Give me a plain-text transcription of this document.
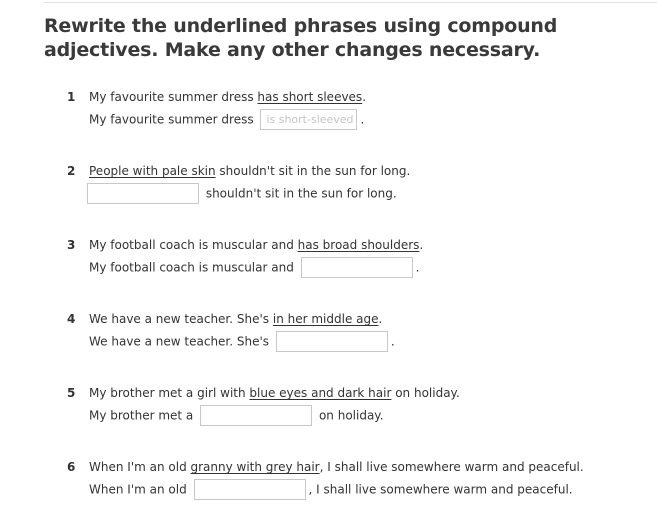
Rewrite the underlined phrases using compound adjectives. Make any other changes necessary.
1 My favourite summer dress has short sleeves.
My favourite summer dress is short-sleeved .
2 People with pale skin shouldn't sit in the sun for long.
shouldn't sit in the sun for long.
3 My football coach is muscular and has broad shoulders.
My football coach is muscular and	.
4 We have a new teacher. She's in her middle age.
We have a new teacher. She's	.
5 My brother met a girl with blue eyes and dark hair on holiday.
My brother met a	on holiday.
6 When I'm an old granny with grey hair, I shall live somewhere warm and peaceful.
When I'm an old	, I shall live somewhere warm and peaceful.
